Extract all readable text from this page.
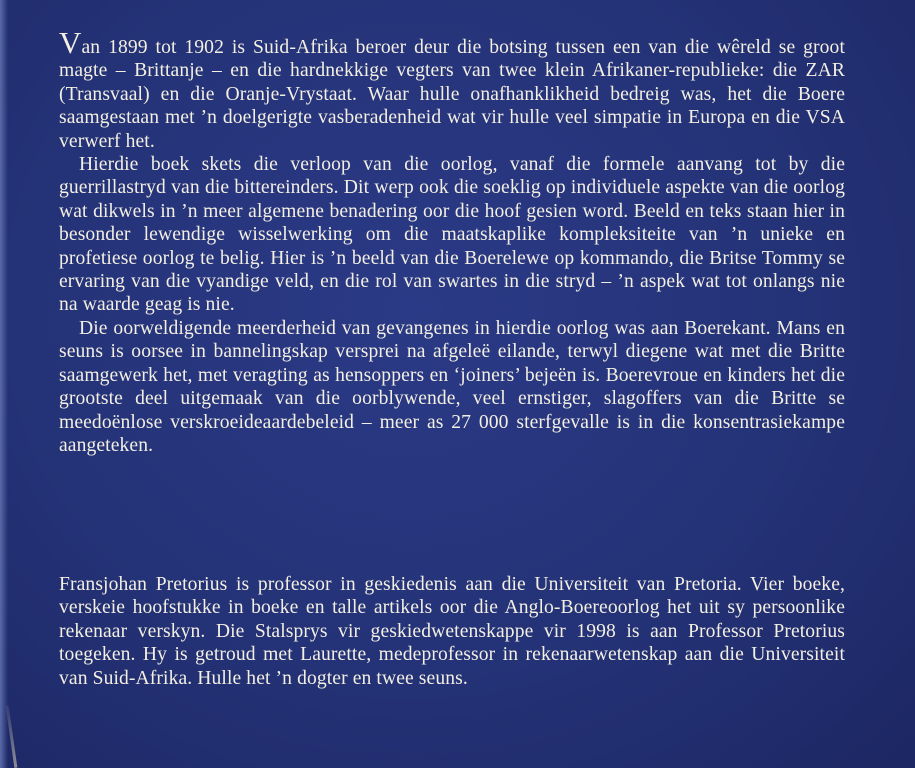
Van 1899 tot 1902 is Suid-Afrika beroer deur die botsing tussen een van die wêreld se groot magte – Brittanje – en die hardnekkige vegters van twee klein Afrikaner-republieke: die ZAR (Transvaal) en die Oranje-Vrystaat. Waar hulle onafhanklikheid bedreig was, het die Boere saamgestaan met ’n doelgerigte vasberadenheid wat vir hulle veel simpatie in Europa en die VSA verwerf het.

Hierdie boek skets die verloop van die oorlog, vanaf die formele aanvang tot by die guerrillastryd van die bittereinders. Dit werp ook die soeklig op individuele aspekte van die oorlog wat dikwels in ’n meer algemene benadering oor die hoof gesien word. Beeld en teks staan hier in besonder lewendige wisselwerking om die maatskaplike kompleksiteite van ’n unieke en profetiese oorlog te belig. Hier is ’n beeld van die Boerelewe op kommando, die Britse Tommy se ervaring van die vyandige veld, en die rol van swartes in die stryd – ’n aspek wat tot onlangs nie na waarde geag is nie.

Die oorweldigende meerderheid van gevangenes in hierdie oorlog was aan Boerekant. Mans en seuns is oorsee in bannelingskap versprei na afgeleë eilande, terwyl diegene wat met die Britte saamgewerk het, met veragting as hensoppers en ‘joiners’ bejeën is. Boerevroue en kinders het die grootste deel uitgemaak van die oorblywende, veel ernstiger, slagoffers van die Britte se meedoënlose verskroeideaardebeleid – meer as 27 000 sterfgevalle is in die konsentrasiekampe aangeteken.

Fransjohan Pretorius is professor in geskiedenis aan die Universiteit van Pretoria. Vier boeke, verskeie hoofstukke in boeke en talle artikels oor die Anglo-Boereoorlog het uit sy persoonlike rekenaar verskyn. Die Stalsprys vir geskiedwetenskappe vir 1998 is aan Professor Pretorius toegeken. Hy is getroud met Laurette, medeprofessor in rekenaarwetenskap aan die Universiteit van Suid-Afrika. Hulle het ’n dogter en twee seuns.
